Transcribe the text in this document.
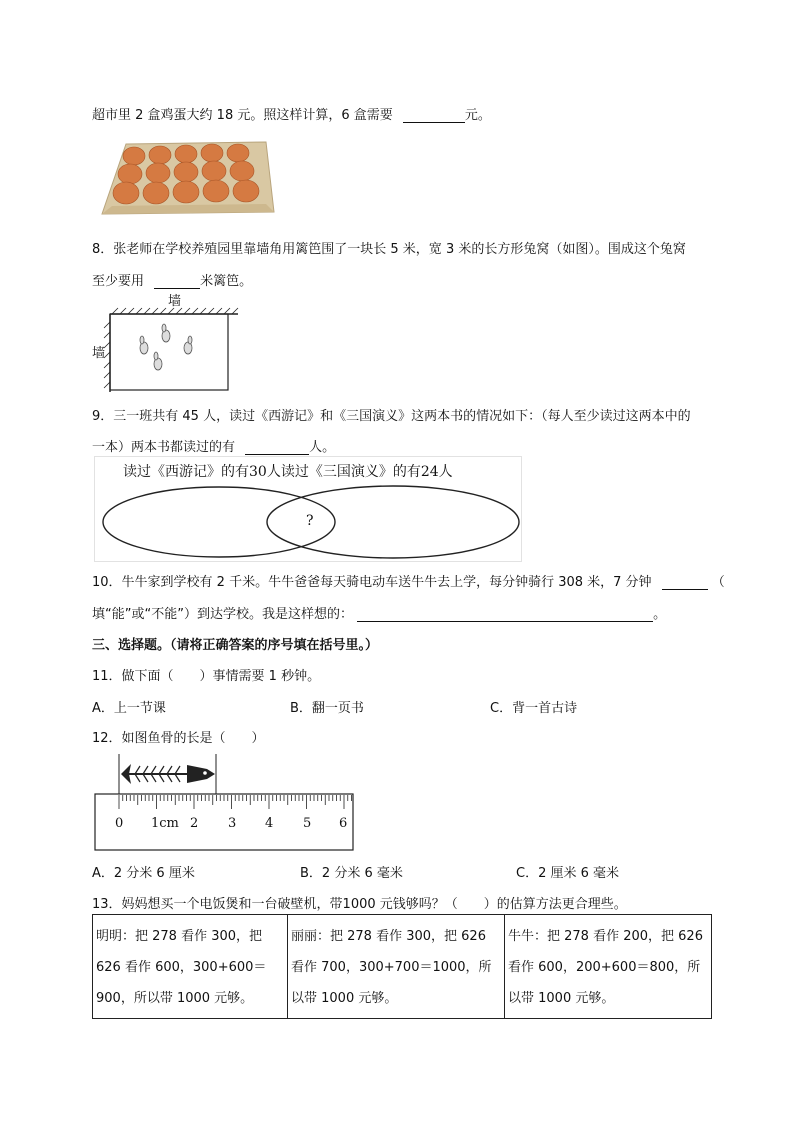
超市里 2 盒鸡蛋大约 18 元。照这样计算，6 盒需要	元。
8．张老师在学校养殖园里靠墙角用篱笆围了一块长 5 米，宽 3 米的长方形兔窝（如图）。围成这个兔窝
至少要用	米篱笆。
墙
墙
9．三一班共有 45 人，读过《西游记》和《三国演义》这两本书的情况如下：（每人至少读过这两本中的
一本）两本书都读过的有	人。
读过《西游记》的有30人读过《三国演义》的有24人
?
10．牛牛家到学校有 2 千米。牛牛爸爸每天骑电动车送牛牛去上学，每分钟骑行 308 米，7 分钟	（
填“能”或“不能”）到达学校。我是这样想的：	。
三、选择题。（请将正确答案的序号填在括号里。）
11．做下面（　　）事情需要 1 秒钟。
A．上一节课	B．翻一页书	C．背一首古诗
12．如图鱼骨的长是（　　）
0 1cm 2 3 4 5 6
A．2 分米 6 厘米	B．2 分米 6 毫米	C．2 厘米 6 毫米
13．妈妈想买一个电饭煲和一台破壁机，带1000 元钱够吗？（　　）的估算方法更合理些。
明明：把 278 看作 300，把 626 看作 600，300+600＝900，所以带 1000 元够。	丽丽：把 278 看作 300，把 626 看作 700，300+700＝1000，所以带 1000 元够。	牛牛：把 278 看作 200，把 626 看作 600，200+600＝800，所以带 1000 元够。
